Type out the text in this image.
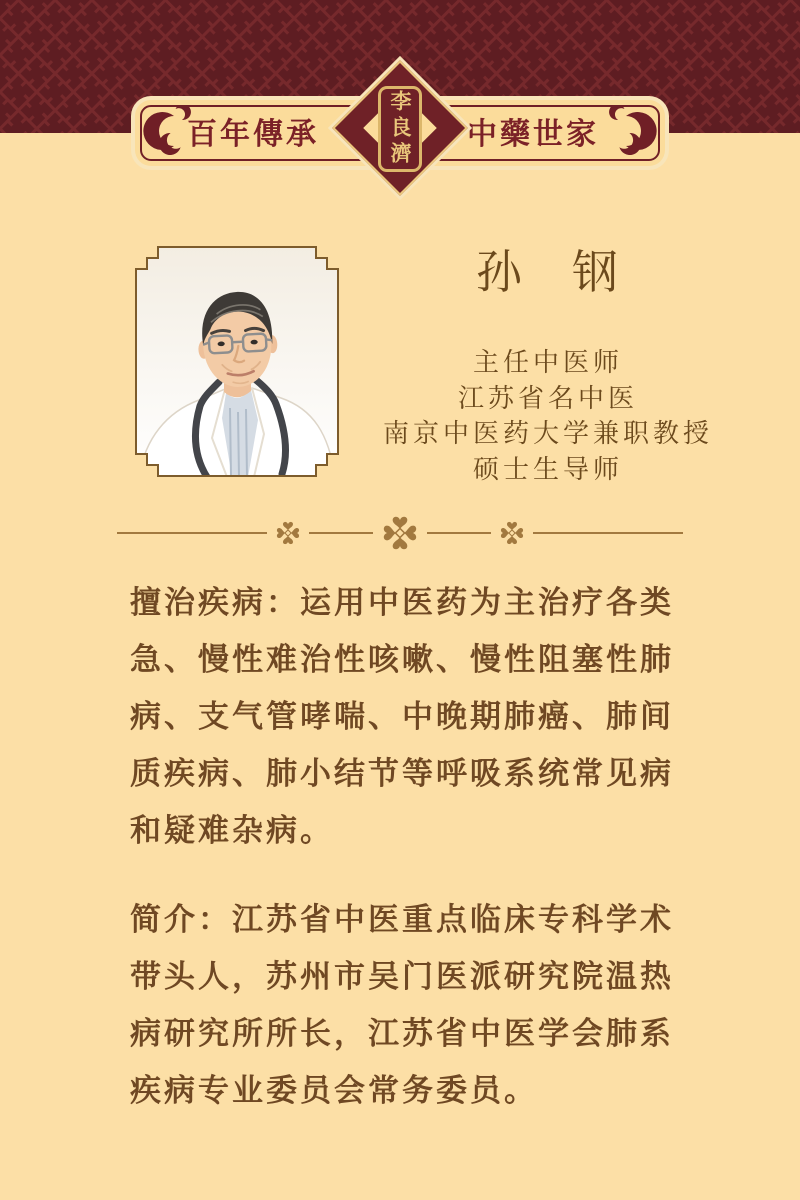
百年傳承	中藥世家
李良濟
孙　钢
主任中医师
江苏省名中医
南京中医药大学兼职教授
硕士生导师
擅治疾病：运用中医药为主治疗各类急、慢性难治性咳嗽、慢性阻塞性肺病、支气管哮喘、中晚期肺癌、肺间质疾病、肺小结节等呼吸系统常见病和疑难杂病。
简介：江苏省中医重点临床专科学术带头人，苏州市吴门医派研究院温热病研究所所长，江苏省中医学会肺系疾病专业委员会常务委员。
